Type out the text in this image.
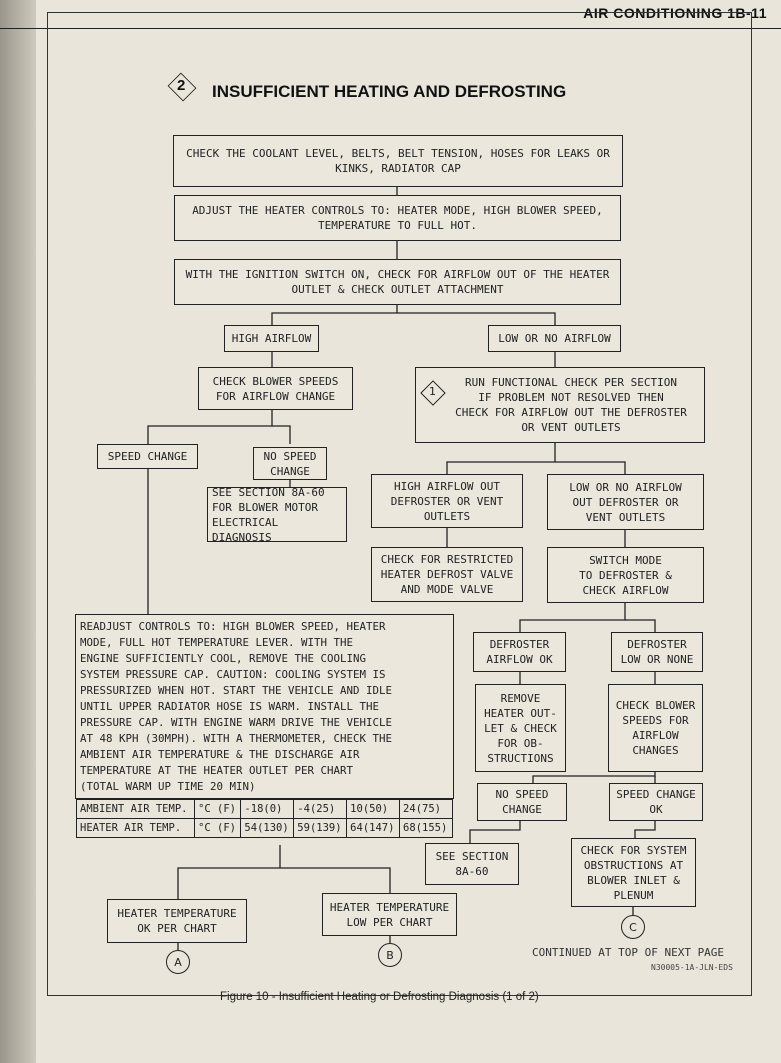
AIR CONDITIONING 1B-11
2 INSUFFICIENT HEATING AND DEFROSTING
CHECK THE COOLANT LEVEL, BELTS, BELT TENSION, HOSES FOR LEAKS OR
KINKS, RADIATOR CAP
ADJUST THE HEATER CONTROLS TO: HEATER MODE, HIGH BLOWER SPEED,
TEMPERATURE TO FULL HOT.
WITH THE IGNITION SWITCH ON, CHECK FOR AIRFLOW OUT OF THE HEATER
OUTLET & CHECK OUTLET ATTACHMENT
HIGH AIRFLOW	LOW OR NO AIRFLOW
CHECK BLOWER SPEEDS
FOR AIRFLOW CHANGE
RUN FUNCTIONAL CHECK PER SECTION
IF PROBLEM NOT RESOLVED THEN
CHECK FOR AIRFLOW OUT THE DEFROSTER
OR VENT OUTLETS
1
SPEED CHANGE	NO SPEED
CHANGE
SEE SECTION 8A-60
FOR BLOWER MOTOR
ELECTRICAL DIAGNOSIS
HIGH AIRFLOW OUT
DEFROSTER OR VENT
OUTLETS
LOW OR NO AIRFLOW
OUT DEFROSTER OR
VENT OUTLETS
CHECK FOR RESTRICTED
HEATER DEFROST VALVE
AND MODE VALVE
SWITCH MODE
TO DEFROSTER &
CHECK AIRFLOW
READJUST CONTROLS TO: HIGH BLOWER SPEED, HEATER
MODE, FULL HOT TEMPERATURE LEVER. WITH THE
ENGINE SUFFICIENTLY COOL, REMOVE THE COOLING
SYSTEM PRESSURE CAP. CAUTION: COOLING SYSTEM IS
PRESSURIZED WHEN HOT. START THE VEHICLE AND IDLE
UNTIL UPPER RADIATOR HOSE IS WARM. INSTALL THE
PRESSURE CAP. WITH ENGINE WARM DRIVE THE VEHICLE
AT 48 KPH (30MPH). WITH A THERMOMETER, CHECK THE
AMBIENT AIR TEMPERATURE & THE DISCHARGE AIR
TEMPERATURE AT THE HEATER OUTLET PER CHART
(TOTAL WARM UP TIME 20 MIN)
AMBIENT AIR TEMP.	°C (F)	-18(0)	-4(25)	10(50)	24(75)
HEATER AIR TEMP.	°C (F)	54(130)	59(139)	64(147)	68(155)
DEFROSTER
AIRFLOW OK
DEFROSTER
LOW OR NONE
REMOVE
HEATER OUT-
LET & CHECK
FOR OB-
STRUCTIONS
CHECK BLOWER
SPEEDS FOR
AIRFLOW
CHANGES
NO SPEED
CHANGE
SPEED CHANGE
OK
SEE SECTION
8A-60
CHECK FOR SYSTEM
OBSTRUCTIONS AT
BLOWER INLET &
PLENUM
HEATER TEMPERATURE
OK PER CHART
HEATER TEMPERATURE
LOW PER CHART
A
B
C
CONTINUED AT TOP OF NEXT PAGE
N30005-1A-JLN-EDS
Figure 10 - Insufficient Heating or Defrosting Diagnosis (1 of 2)
